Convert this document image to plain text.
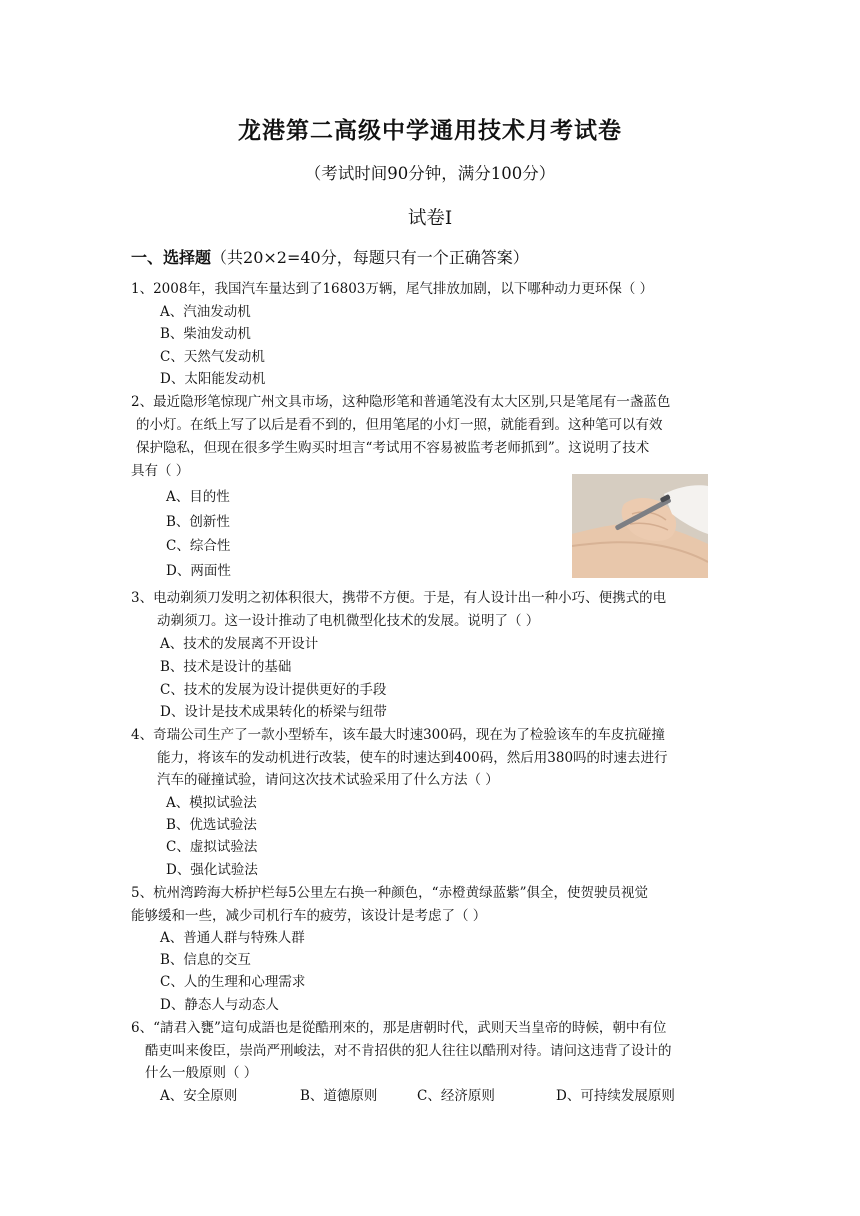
龙港第二高级中学通用技术月考试卷
（考试时间90分钟，满分100分）
试卷Ⅰ
一、选择题（共20×2=40分，每题只有一个正确答案）
1、2008年，我国汽车量达到了16803万辆，尾气排放加剧，以下哪种动力更环保（ ）
A、汽油发动机
B、柴油发动机
C、天然气发动机
D、太阳能发动机
2、最近隐形笔惊现广州文具市场，这种隐形笔和普通笔没有太大区别,只是笔尾有一盏蓝色
的小灯。在纸上写了以后是看不到的，但用笔尾的小灯一照，就能看到。这种笔可以有效
保护隐私，但现在很多学生购买时坦言“考试用不容易被监考老师抓到”。这说明了技术
具有（ ）
A、目的性
B、创新性
C、综合性
D、两面性
3、电动剃须刀发明之初体积很大，携带不方便。于是，有人设计出一种小巧、便携式的电
动剃须刀。这一设计推动了电机微型化技术的发展。说明了（ ）
A、技术的发展离不开设计
B、技术是设计的基础
C、技术的发展为设计提供更好的手段
D、设计是技术成果转化的桥梁与纽带
4、奇瑞公司生产了一款小型轿车，该车最大时速300码，现在为了检验该车的车皮抗碰撞
能力，将该车的发动机进行改装，使车的时速达到400码，然后用380吗的时速去进行
汽车的碰撞试验，请问这次技术试验采用了什么方法（ ）
A、模拟试验法
B、优选试验法
C、虚拟试验法
D、强化试验法
5、杭州湾跨海大桥护栏每5公里左右换一种颜色，“赤橙黄绿蓝紫”俱全，使贺驶员视觉
能够缓和一些，减少司机行车的疲劳，该设计是考虑了（ ）
A、普通人群与特殊人群
B、信息的交互
C、人的生理和心理需求
D、静态人与动态人
6、“請君入甕”這句成語也是從酷刑來的，那是唐朝时代，武则天当皇帝的時候，朝中有位
酷吏叫来俊臣，崇尚严刑峻法，对不肯招供的犯人往往以酷刑对待。请问这违背了设计的
什么一般原则（ ）
A、安全原则	B、道德原则	C、经济原则	D、可持续发展原则
